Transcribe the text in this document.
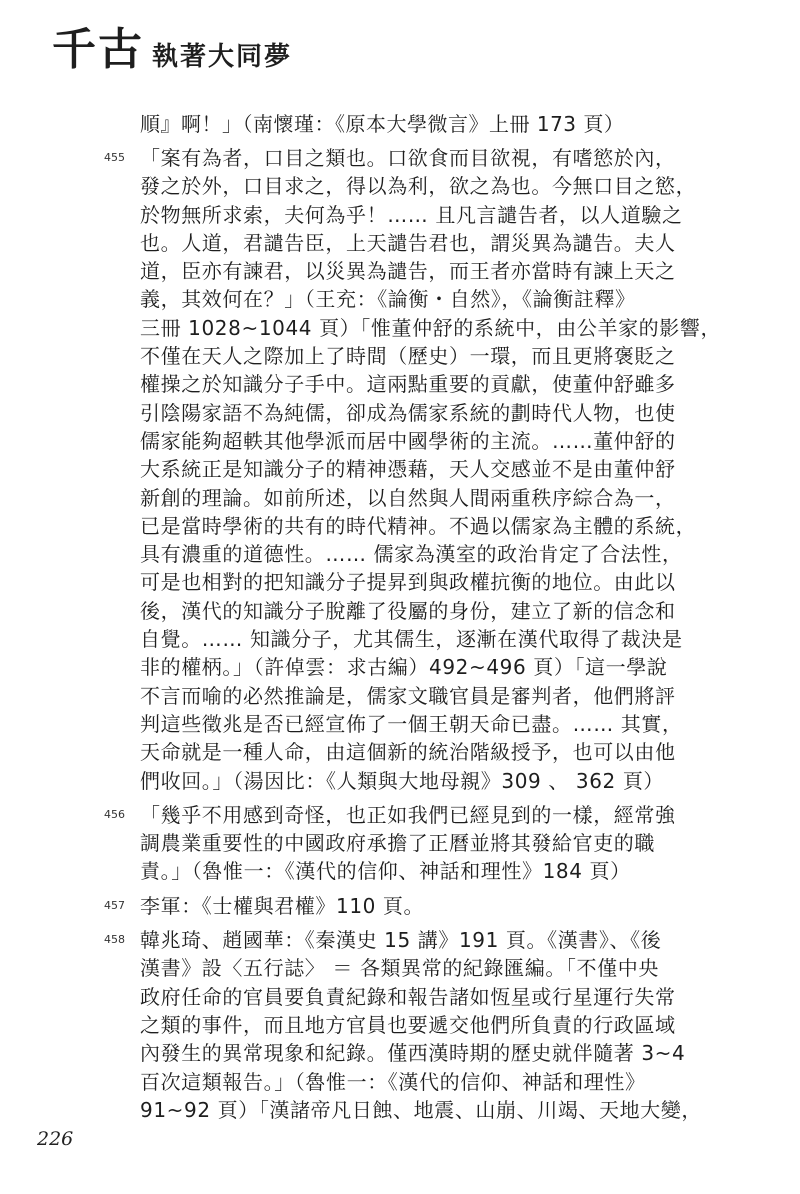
千古 執著大同夢
順』啊！」（南懷瑾：《原本大學微言》上冊 173 頁）
455 「案有為者，口目之類也。口欲食而目欲視，有嗜慾於內，

發之於外，口目求之，得以為利，欲之為也。今無口目之慾，

於物無所求索，夫何為乎！…… 且凡言譴告者，以人道驗之

也。人道，君譴告臣，上天譴告君也，謂災異為譴告。夫人

道，臣亦有諫君，以災異為譴告，而王者亦當時有諫上天之

義，其效何在？」（王充：《論衡・自然》，《論衡註釋》

三冊 1028~1044 頁）「惟董仲舒的系統中，由公羊家的影響，

不僅在天人之際加上了時間（歷史）一環，而且更將褒貶之

權操之於知識分子手中。這兩點重要的貢獻，使董仲舒雖多

引陰陽家語不為純儒，卻成為儒家系統的劃時代人物，也使

儒家能夠超軼其他學派而居中國學術的主流。……董仲舒的

大系統正是知識分子的精神憑藉，天人交感並不是由董仲舒

新創的理論。如前所述，以自然與人間兩重秩序綜合為一，

已是當時學術的共有的時代精神。不過以儒家為主體的系統，

具有濃重的道德性。…… 儒家為漢室的政治肯定了合法性，

可是也相對的把知識分子提昇到與政權抗衡的地位。由此以

後，漢代的知識分子脫離了役屬的身份，建立了新的信念和

自覺。…… 知識分子，尤其儒生，逐漸在漢代取得了裁決是

非的權柄。」（許倬雲：求古編）492~496 頁）「這一學說

不言而喻的必然推論是，儒家文職官員是審判者，他們將評

判這些徵兆是否已經宣佈了一個王朝天命已盡。…… 其實，

天命就是一種人命，由這個新的統治階級授予，也可以由他

們收回。」（湯因比：《人類與大地母親》309 、 362 頁）

456 「幾乎不用感到奇怪，也正如我們已經見到的一樣，經常強

調農業重要性的中國政府承擔了正曆並將其發給官吏的職

責。」（魯惟一：《漢代的信仰、神話和理性》184 頁）

457 李軍：《士權與君權》110 頁。

458 韓兆琦、趙國華：《秦漢史 15 講》191 頁。《漢書》、《後

漢書》設〈五行誌〉 ＝ 各類異常的紀錄匯編。「不僅中央

政府任命的官員要負責紀錄和報告諸如恆星或行星運行失常

之類的事件，而且地方官員也要遞交他們所負責的行政區域

內發生的異常現象和紀錄。僅西漢時期的歷史就伴隨著 3~4

百次這類報告。」（魯惟一：《漢代的信仰、神話和理性》

91~92 頁）「漢諸帝凡日蝕、地震、山崩、川竭、天地大變，

226
